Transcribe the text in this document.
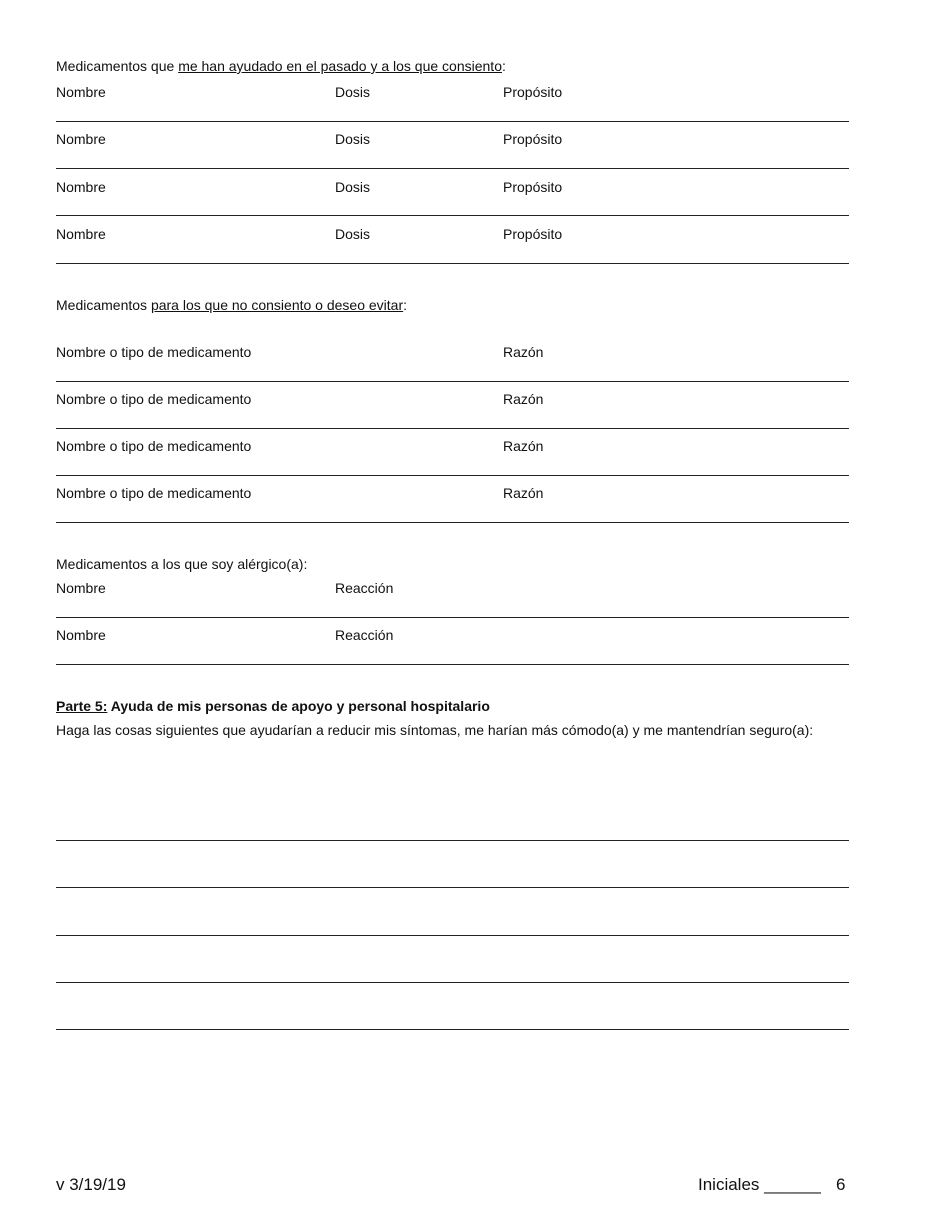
Medicamentos que me han ayudado en el pasado y a los que consiento:
Nombre	Dosis	Propósito
Nombre	Dosis	Propósito
Nombre	Dosis	Propósito
Nombre	Dosis	Propósito
Medicamentos para los que no consiento o deseo evitar:
Nombre o tipo de medicamento	Razón
Nombre o tipo de medicamento	Razón
Nombre o tipo de medicamento	Razón
Nombre o tipo de medicamento	Razón
Medicamentos a los que soy alérgico(a):
Nombre	Reacción
Nombre	Reacción
Parte 5: Ayuda de mis personas de apoyo y personal hospitalario
Haga las cosas siguientes que ayudarían a reducir mis síntomas, me harían más cómodo(a) y me mantendrían seguro(a):
v 3/19/19	Iniciales ______ 6
